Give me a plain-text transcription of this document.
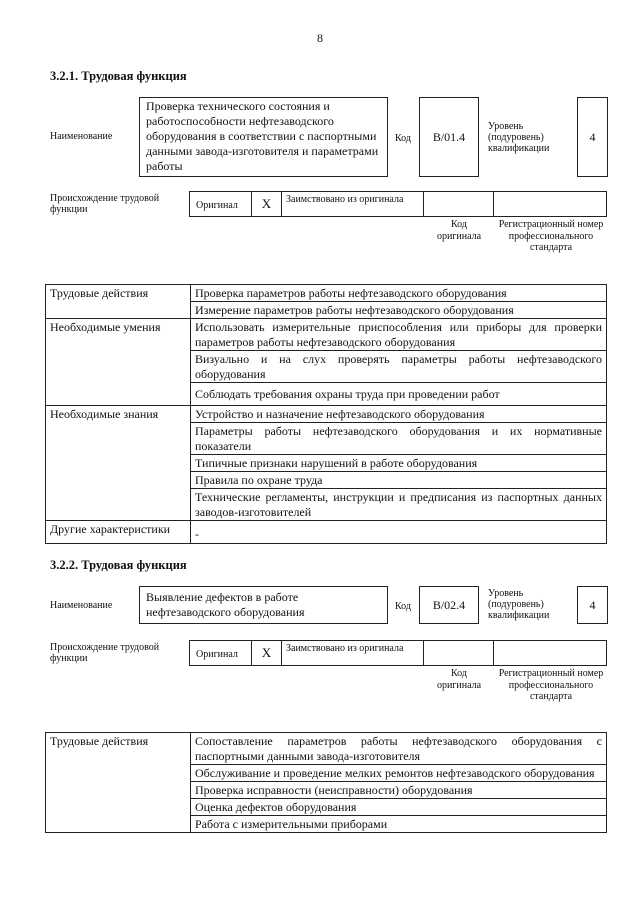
8
3.2.1. Трудовая функция
Наименование
Проверка технического состояния и работоспособности нефтезаводского оборудования в соответствии с паспортными данными завода-изготовителя и параметрами работы
Код	В/01.4
Уровень (подуровень) квалификации
4
Происхождение трудовой функции	Оригинал	X	Заимствовано из оригинала
Код оригинала
Регистрационный номер профессионального стандарта
Трудовые действия	Проверка параметров работы нефтезаводского оборудования
	Измерение параметров работы нефтезаводского оборудования
Необходимые умения	Использовать измерительные приспособления или приборы для проверки параметров работы нефтезаводского оборудования
	Визуально и на слух проверять параметры работы нефтезаводского оборудования
	Соблюдать требования охраны труда при проведении работ
Необходимые знания	Устройство и назначение нефтезаводского оборудования
	Параметры работы нефтезаводского оборудования и их нормативные показатели
	Типичные признаки нарушений в работе оборудования
	Правила по охране труда
	Технические регламенты, инструкции и предписания из паспортных данных заводов-изготовителей
Другие характеристики	-
3.2.2. Трудовая функция
Наименование
Выявление дефектов в работе нефтезаводского оборудования	Код	В/02.4
Уровень (подуровень) квалификации
4
Происхождение трудовой функции	Оригинал	X	Заимствовано из оригинала
Код оригинала
Регистрационный номер профессионального стандарта
Трудовые действия	Сопоставление параметров работы нефтезаводского оборудования с паспортными данными завода-изготовителя
Обслуживание и проведение мелких ремонтов нефтезаводского оборудования
Проверка исправности (неисправности) оборудования
Оценка дефектов оборудования
Работа с измерительными приборами
